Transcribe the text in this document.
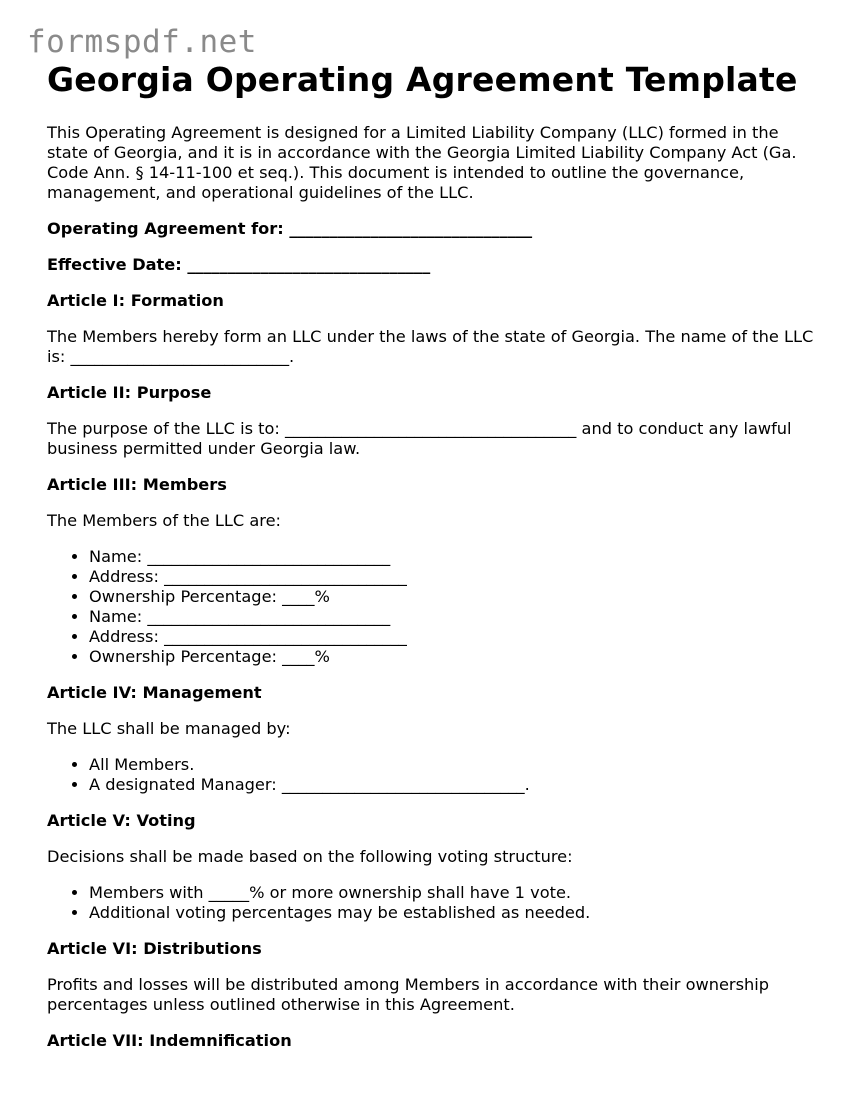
formspdf.net
Georgia Operating Agreement Template

This Operating Agreement is designed for a Limited Liability Company (LLC) formed in the state of Georgia, and it is in accordance with the Georgia Limited Liability Company Act (Ga. Code Ann. § 14-11-100 et seq.). This document is intended to outline the governance, management, and operational guidelines of the LLC.

Operating Agreement for: ______________________________

Effective Date: ______________________________

Article I: Formation

The Members hereby form an LLC under the laws of the state of Georgia. The name of the LLC is: ___________________________.

Article II: Purpose

The purpose of the LLC is to: ____________________________________ and to conduct any lawful business permitted under Georgia law.

Article III: Members

The Members of the LLC are:

• Name: ______________________________
• Address: ______________________________
• Ownership Percentage: ____%
• Name: ______________________________
• Address: ______________________________
• Ownership Percentage: ____%

Article IV: Management

The LLC shall be managed by:

• All Members.
• A designated Manager: ______________________________.

Article V: Voting

Decisions shall be made based on the following voting structure:

• Members with _____% or more ownership shall have 1 vote.
• Additional voting percentages may be established as needed.

Article VI: Distributions

Profits and losses will be distributed among Members in accordance with their ownership percentages unless outlined otherwise in this Agreement.

Article VII: Indemnification
